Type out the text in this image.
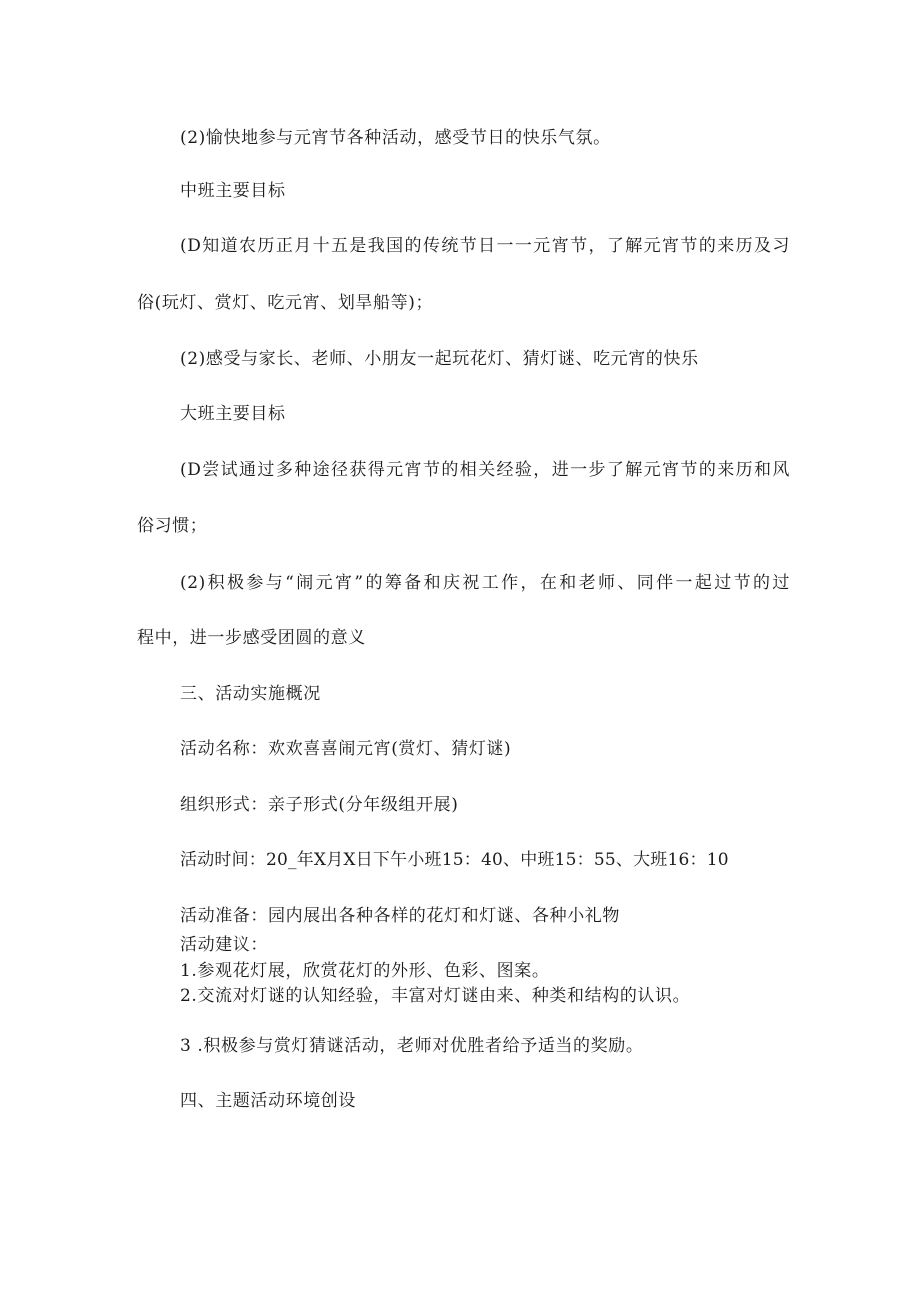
(2)愉快地参与元宵节各种活动，感受节日的快乐气氛。
中班主要目标
(D知道农历正月十五是我国的传统节日一一元宵节，了解元宵节的来历及习
俗(玩灯、赏灯、吃元宵、划旱船等)；
(2)感受与家长、老师、小朋友一起玩花灯、猜灯谜、吃元宵的快乐
大班主要目标
(D尝试通过多种途径获得元宵节的相关经验，进一步了解元宵节的来历和风
俗习惯；
(2)积极参与“闹元宵”的筹备和庆祝工作，在和老师、同伴一起过节的过
程中，进一步感受团圆的意义
三、活动实施概况
活动名称：欢欢喜喜闹元宵(赏灯、猜灯谜)
组织形式：亲子形式(分年级组开展)
活动时间：20_年X月X日下午小班15：40、中班15：55、大班16：10
活动准备：园内展出各种各样的花灯和灯谜、各种小礼物
活动建议：
1.参观花灯展，欣赏花灯的外形、色彩、图案。
2.交流对灯谜的认知经验，丰富对灯谜由来、种类和结构的认识。
3 .积极参与赏灯猜谜活动，老师对优胜者给予适当的奖励。
四、主题活动环境创设
